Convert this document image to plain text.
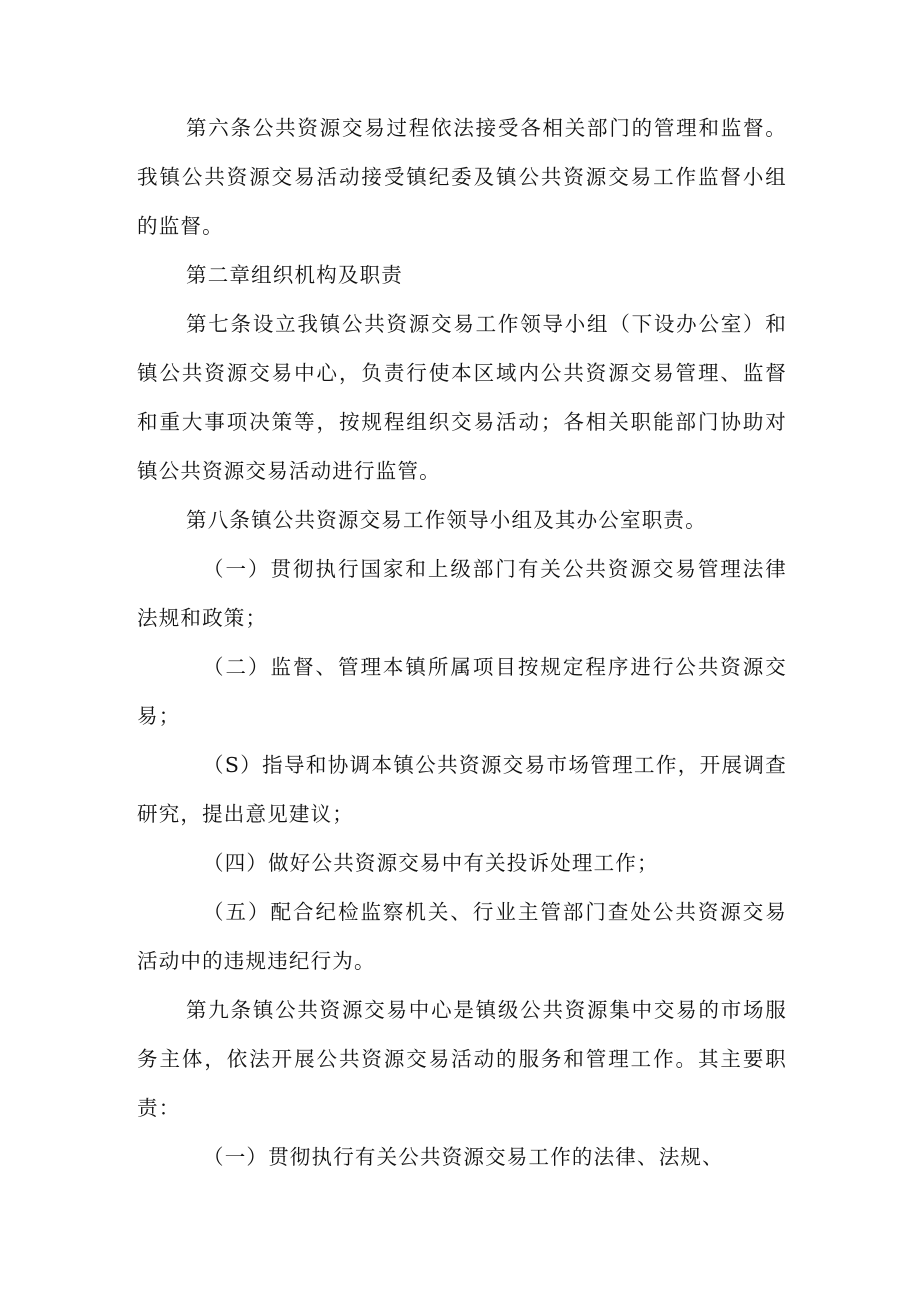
第六条公共资源交易过程依法接受各相关部门的管理和监督。我镇公共资源交易活动接受镇纪委及镇公共资源交易工作监督小组的监督。

第二章组织机构及职责

第七条设立我镇公共资源交易工作领导小组（下设办公室）和镇公共资源交易中心，负责行使本区域内公共资源交易管理、监督和重大事项决策等，按规程组织交易活动；各相关职能部门协助对镇公共资源交易活动进行监管。

第八条镇公共资源交易工作领导小组及其办公室职责。

（一）贯彻执行国家和上级部门有关公共资源交易管理法律法规和政策；

（二）监督、管理本镇所属项目按规定程序进行公共资源交易；

（S）指导和协调本镇公共资源交易市场管理工作，开展调查研究，提出意见建议；

（四）做好公共资源交易中有关投诉处理工作；

（五）配合纪检监察机关、行业主管部门查处公共资源交易活动中的违规违纪行为。

第九条镇公共资源交易中心是镇级公共资源集中交易的市场服务主体，依法开展公共资源交易活动的服务和管理工作。其主要职责：

（一）贯彻执行有关公共资源交易工作的法律、法规、
